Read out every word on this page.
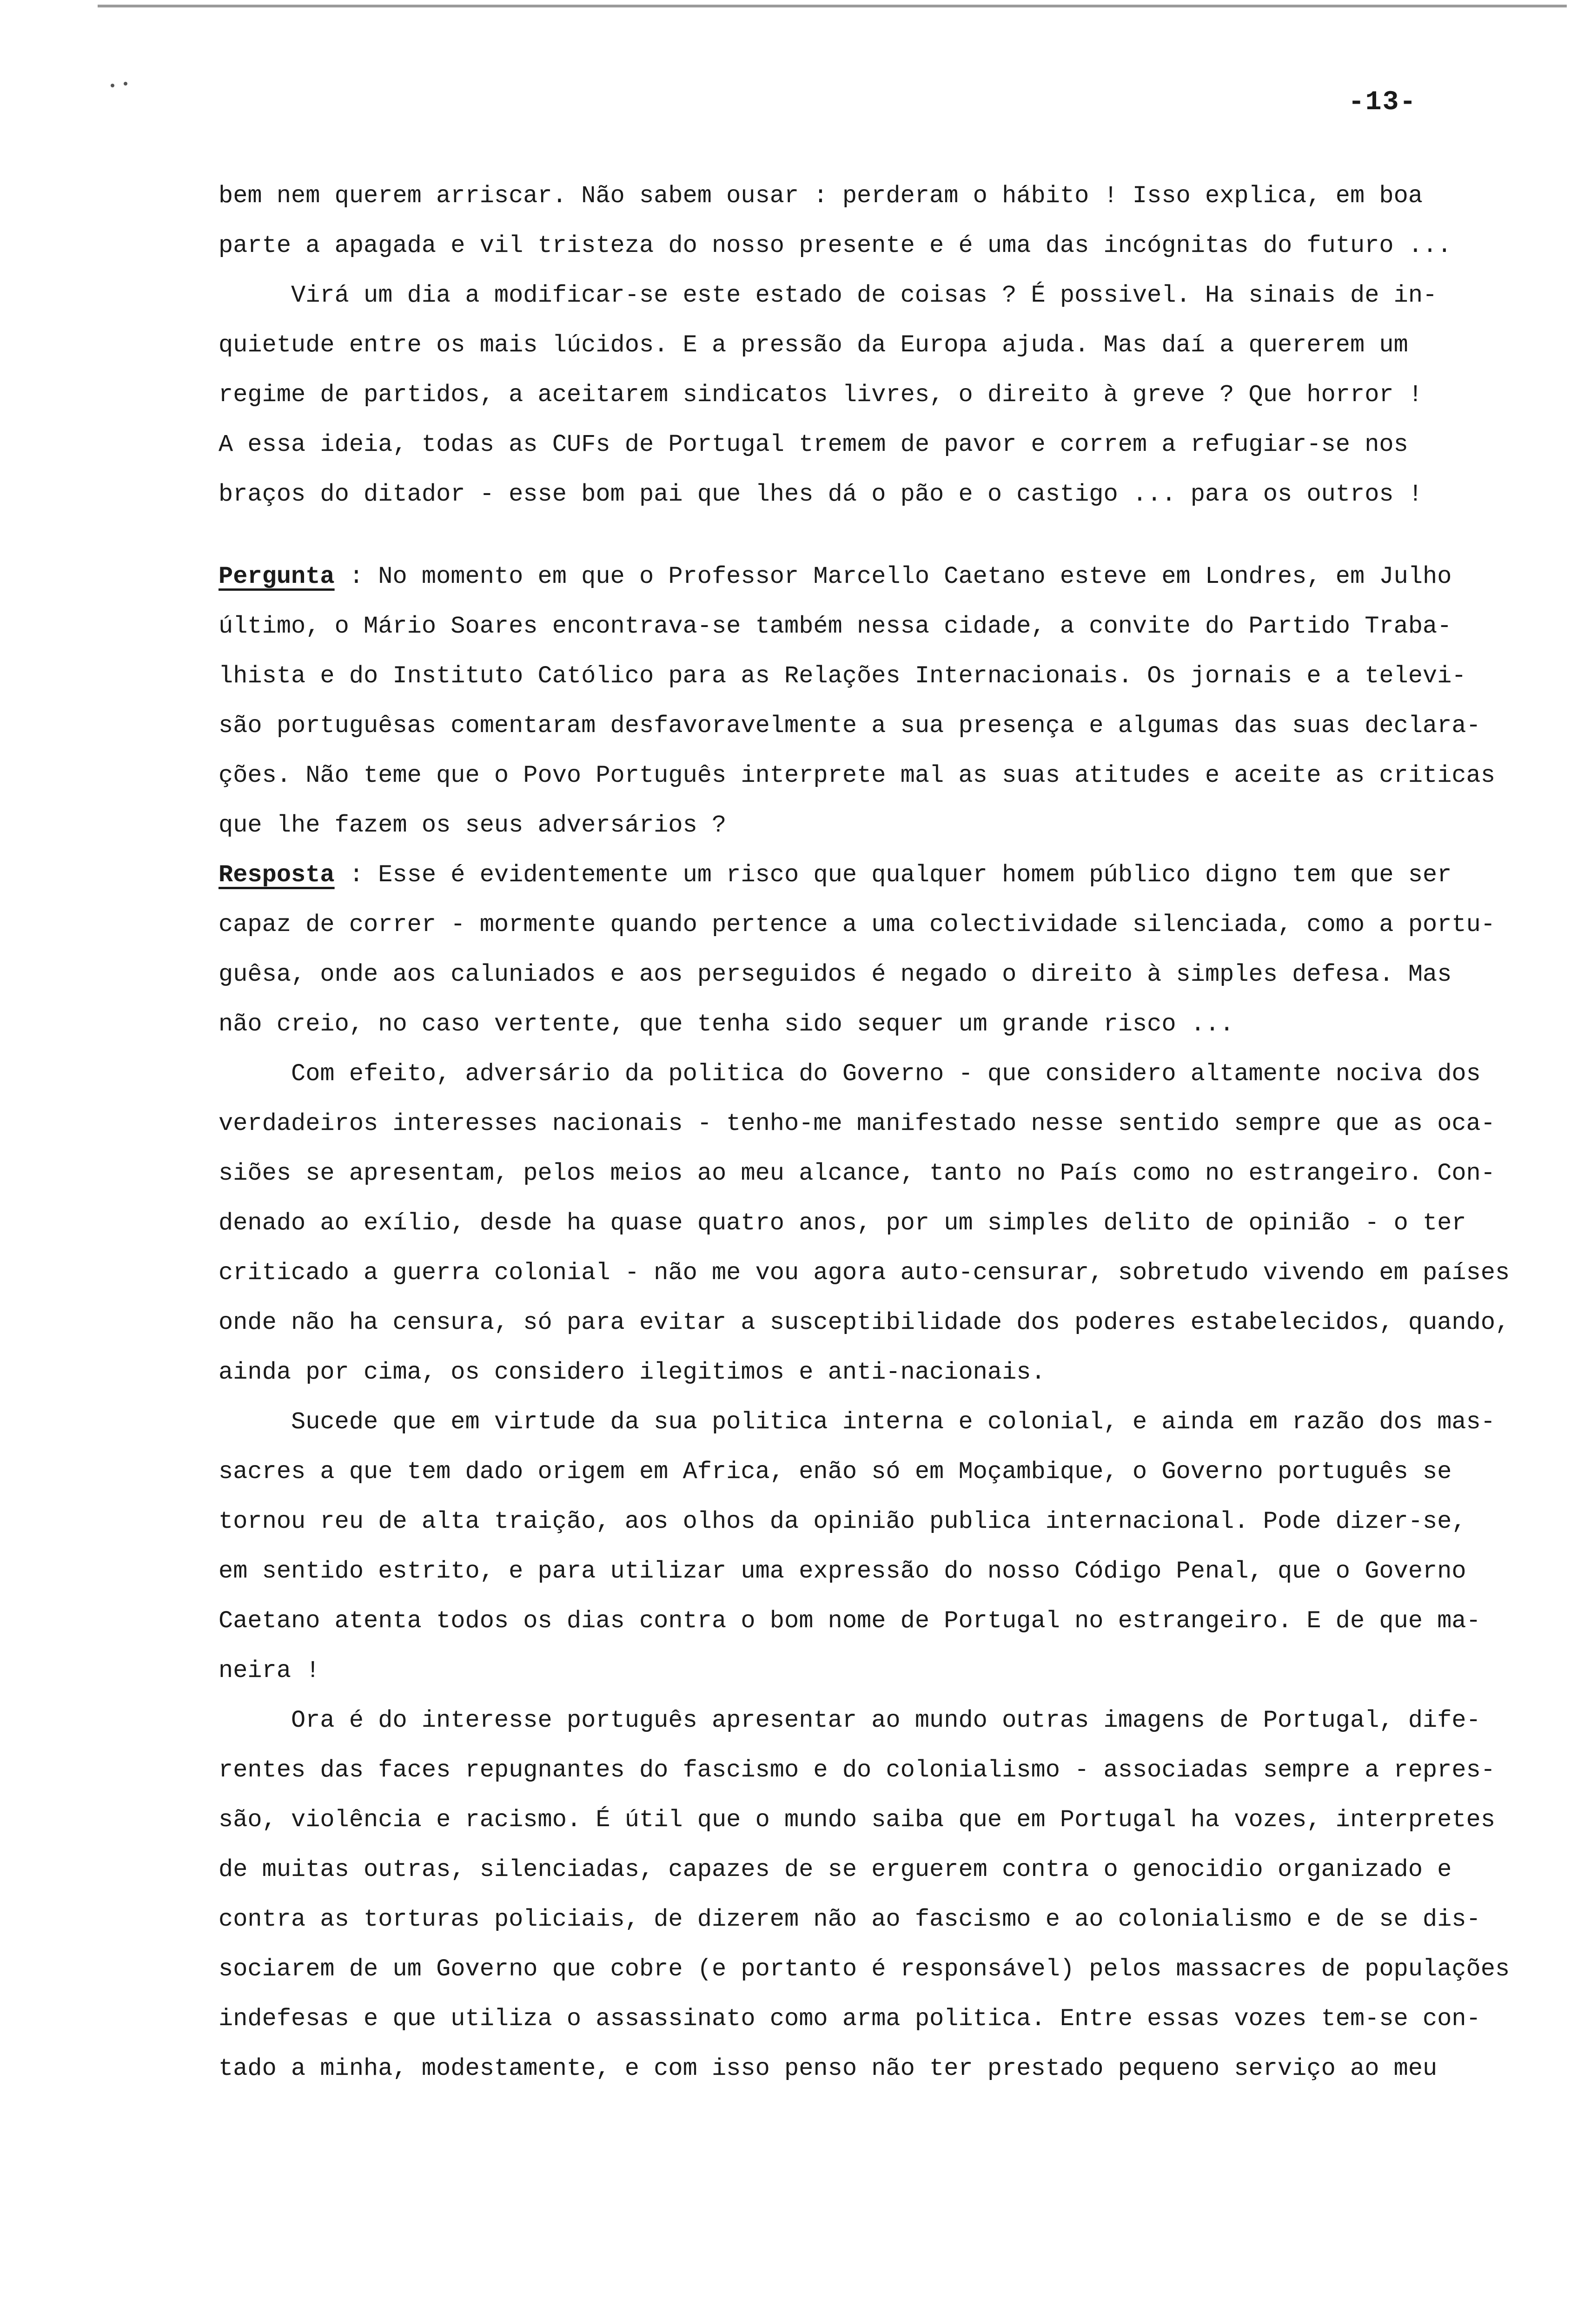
-13-
bem nem querem arriscar. Não sabem ousar : perderam o hábito ! Isso explica, em boa
parte a apagada e vil tristeza do nosso presente e é uma das incógnitas do futuro ...
Virá um dia a modificar-se este estado de coisas ? É possivel. Ha sinais de in-
quietude entre os mais lúcidos. E a pressão da Europa ajuda. Mas daí a quererem um
regime de partidos, a aceitarem sindicatos livres, o direito à greve ? Que horror !
A essa ideia, todas as CUFs de Portugal tremem de pavor e correm a refugiar-se nos
braços do ditador - esse bom pai que lhes dá o pão e o castigo ... para os outros !
Pergunta : No momento em que o Professor Marcello Caetano esteve em Londres, em Julho
último, o Mário Soares encontrava-se também nessa cidade, a convite do Partido Traba-
lhista e do Instituto Católico para as Relações Internacionais. Os jornais e a televi-
são portuguêsas comentaram desfavoravelmente a sua presença e algumas das suas declara-
ções. Não teme que o Povo Português interprete mal as suas atitudes e aceite as criticas
que lhe fazem os seus adversários ?
Resposta : Esse é evidentemente um risco que qualquer homem público digno tem que ser
capaz de correr - mormente quando pertence a uma colectividade silenciada, como a portu-
guêsa, onde aos caluniados e aos perseguidos é negado o direito à simples defesa. Mas
não creio, no caso vertente, que tenha sido sequer um grande risco ...
Com efeito, adversário da politica do Governo - que considero altamente nociva dos
verdadeiros interesses nacionais - tenho-me manifestado nesse sentido sempre que as oca-
siões se apresentam, pelos meios ao meu alcance, tanto no País como no estrangeiro. Con-
denado ao exílio, desde ha quase quatro anos, por um simples delito de opinião - o ter
criticado a guerra colonial - não me vou agora auto-censurar, sobretudo vivendo em países
onde não ha censura, só para evitar a susceptibilidade dos poderes estabelecidos, quando,
ainda por cima, os considero ilegitimos e anti-nacionais.
Sucede que em virtude da sua politica interna e colonial, e ainda em razão dos mas-
sacres a que tem dado origem em Africa, enão só em Moçambique, o Governo português se
tornou reu de alta traição, aos olhos da opinião publica internacional. Pode dizer-se,
em sentido estrito, e para utilizar uma expressão do nosso Código Penal, que o Governo
Caetano atenta todos os dias contra o bom nome de Portugal no estrangeiro. E de que ma-
neira !
Ora é do interesse português apresentar ao mundo outras imagens de Portugal, dife-
rentes das faces repugnantes do fascismo e do colonialismo - associadas sempre a repres-
são, violência e racismo. É útil que o mundo saiba que em Portugal ha vozes, interpretes
de muitas outras, silenciadas, capazes de se erguerem contra o genocidio organizado e
contra as torturas policiais, de dizerem não ao fascismo e ao colonialismo e de se dis-
sociarem de um Governo que cobre (e portanto é responsável) pelos massacres de populações
indefesas e que utiliza o assassinato como arma politica. Entre essas vozes tem-se con-
tado a minha, modestamente, e com isso penso não ter prestado pequeno serviço ao meu
